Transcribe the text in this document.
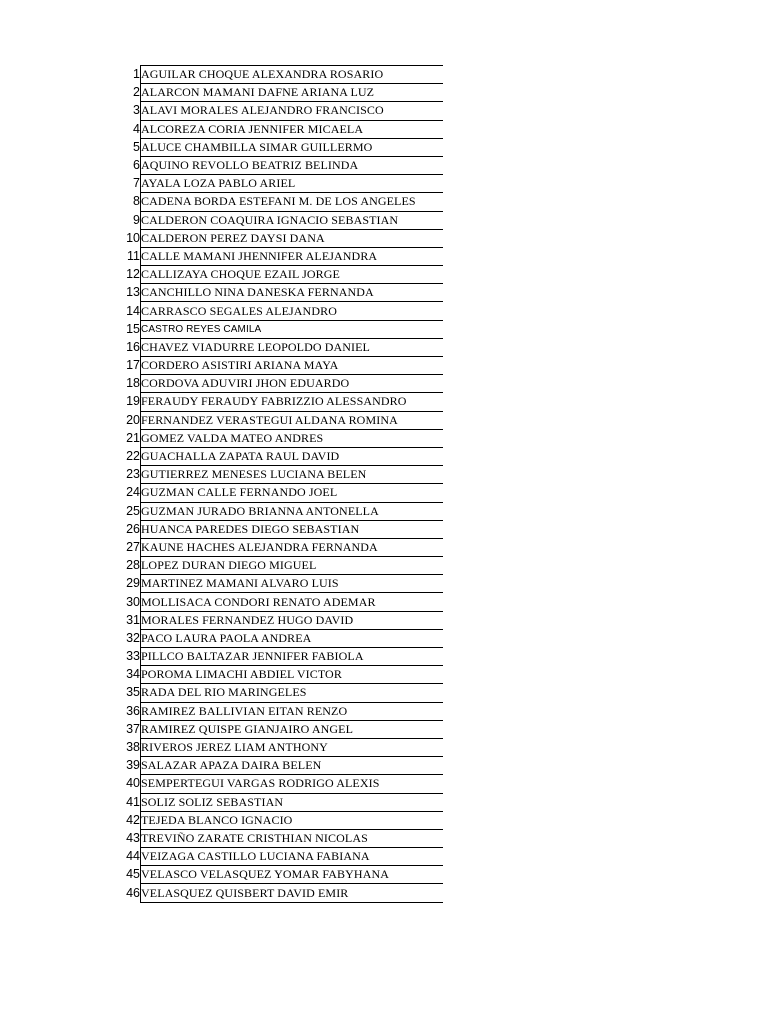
1	AGUILAR CHOQUE ALEXANDRA ROSARIO
2	ALARCON MAMANI DAFNE ARIANA LUZ
3	ALAVI MORALES ALEJANDRO FRANCISCO
4	ALCOREZA CORIA JENNIFER MICAELA
5	ALUCE CHAMBILLA SIMAR GUILLERMO
6	AQUINO REVOLLO BEATRIZ BELINDA
7	AYALA LOZA PABLO ARIEL
8	CADENA BORDA ESTEFANI M. DE LOS ANGELES
9	CALDERON COAQUIRA IGNACIO SEBASTIAN
10	CALDERON PEREZ DAYSI DANA
11	CALLE MAMANI JHENNIFER ALEJANDRA
12	CALLIZAYA CHOQUE EZAIL JORGE
13	CANCHILLO NINA DANESKA FERNANDA
14	CARRASCO SEGALES ALEJANDRO
15	CASTRO REYES CAMILA
16	CHAVEZ VIADURRE LEOPOLDO DANIEL
17	CORDERO ASISTIRI ARIANA MAYA
18	CORDOVA ADUVIRI JHON EDUARDO
19	FERAUDY FERAUDY FABRIZZIO ALESSANDRO
20	FERNANDEZ VERASTEGUI ALDANA ROMINA
21	GOMEZ VALDA MATEO ANDRES
22	GUACHALLA ZAPATA RAUL DAVID
23	GUTIERREZ MENESES LUCIANA BELEN
24	GUZMAN CALLE FERNANDO JOEL
25	GUZMAN JURADO BRIANNA ANTONELLA
26	HUANCA PAREDES DIEGO SEBASTIAN
27	KAUNE HACHES ALEJANDRA FERNANDA
28	LOPEZ DURAN DIEGO MIGUEL
29	MARTINEZ MAMANI ALVARO LUIS
30	MOLLISACA CONDORI RENATO ADEMAR
31	MORALES FERNANDEZ HUGO DAVID
32	PACO LAURA PAOLA ANDREA
33	PILLCO BALTAZAR JENNIFER FABIOLA
34	POROMA LIMACHI ABDIEL VICTOR
35	RADA DEL RIO MARINGELES
36	RAMIREZ BALLIVIAN EITAN RENZO
37	RAMIREZ QUISPE GIANJAIRO ANGEL
38	RIVEROS JEREZ LIAM ANTHONY
39	SALAZAR APAZA DAIRA BELEN
40	SEMPERTEGUI VARGAS RODRIGO ALEXIS
41	SOLIZ SOLIZ SEBASTIAN
42	TEJEDA BLANCO IGNACIO
43	TREVIÑO ZARATE CRISTHIAN NICOLAS
44	VEIZAGA CASTILLO LUCIANA FABIANA
45	VELASCO VELASQUEZ YOMAR FABYHANA
46	VELASQUEZ QUISBERT DAVID EMIR
